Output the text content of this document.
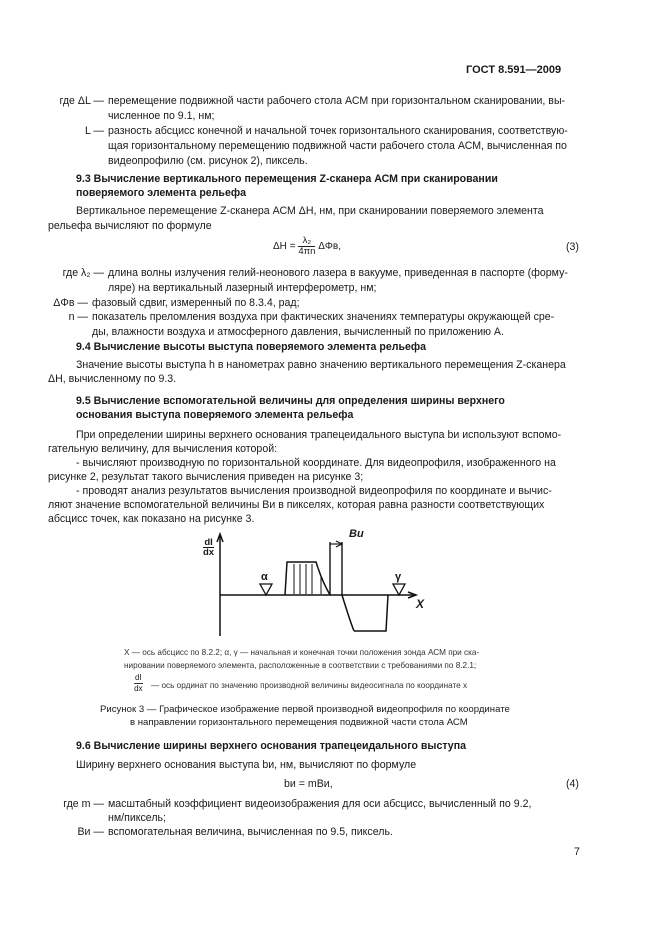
ГОСТ 8.591—2009
где ΔL — перемещение подвижной части рабочего стола АСМ при горизонтальном сканировании, вы-
численное по 9.1, нм;
L — разность абсцисс конечной и начальной точек горизонтального сканирования, соответствую-
щая горизонтальному перемещению подвижной части рабочего стола АСМ, вычисленная по
видеопрофилю (см. рисунок 2), пиксель.
9.3 Вычисление вертикального перемещения Z-сканера АСМ при сканировании
поверяемого элемента рельефа
Вертикальное перемещение Z-сканера АСМ ΔH, нм, при сканировании поверяемого элемента
рельефа вычисляют по формуле
$\Delta H = \frac{\text{λ₂}}{4\pi n} \Delta\Phi в$,	(3)
где λ₂ — длина волны излучения гелий-неонового лазера в вакууме, приведенная в паспорте (форму-
ляре) на вертикальный лазерный интерферометр, нм;
ΔΦв — фазовый сдвиг, измеренный по 8.3.4, рад;
n — показатель преломления воздуха при фактических значениях температуры окружающей сре-
ды, влажности воздуха и атмосферного давления, вычисленный по приложению А.
9.4 Вычисление высоты выступа поверяемого элемента рельефа
Значение высоты выступа h в нанометрах равно значению вертикального перемещения Z-сканера
ΔH, вычисленному по 9.3.
9.5 Вычисление вспомогательной величины для определения ширины верхнего
основания выступа поверяемого элемента рельефа
При определении ширины верхнего основания трапецеидального выступа bи используют вспомо-
гательную величину, для вычисления которой:
- вычисляют производную по горизонтальной координате. Для видеопрофиля, изображенного на
рисунке 2, результат такого вычисления приведен на рисунке 3;
- проводят анализ результатов вычисления производной видеопрофиля по координате и вычис-
ляют значение вспомогательной величины Bи в пикселях, которая равна разности соответствующих
абсцисс точек, как показано на рисунке 3.
$\frac{dI}{dx}$
Bи
α	γ
X
X — ось абсцисс по 8.2.2; α, γ — начальная и конечная точки положения зонда АСМ при ска-
нировании поверяемого элемента, расположенные в соответствии с требованиями по 8.2.1;
$\frac{dI}{dx}$ — ось ординат по значению производной величины видеосигнала по координате x
Рисунок 3 — Графическое изображение первой производной видеопрофиля по координате
в направлении горизонтального перемещения подвижной части стола АСМ
9.6 Вычисление ширины верхнего основания трапецеидального выступа
Ширину верхнего основания выступа bи, нм, вычисляют по формуле
bи = mBи,	(4)
где m — масштабный коэффициент видеоизображения для оси абсцисс, вычисленный по 9.2,
нм/пиксель;
Bи — вспомогательная величина, вычисленная по 9.5, пиксель.
7
